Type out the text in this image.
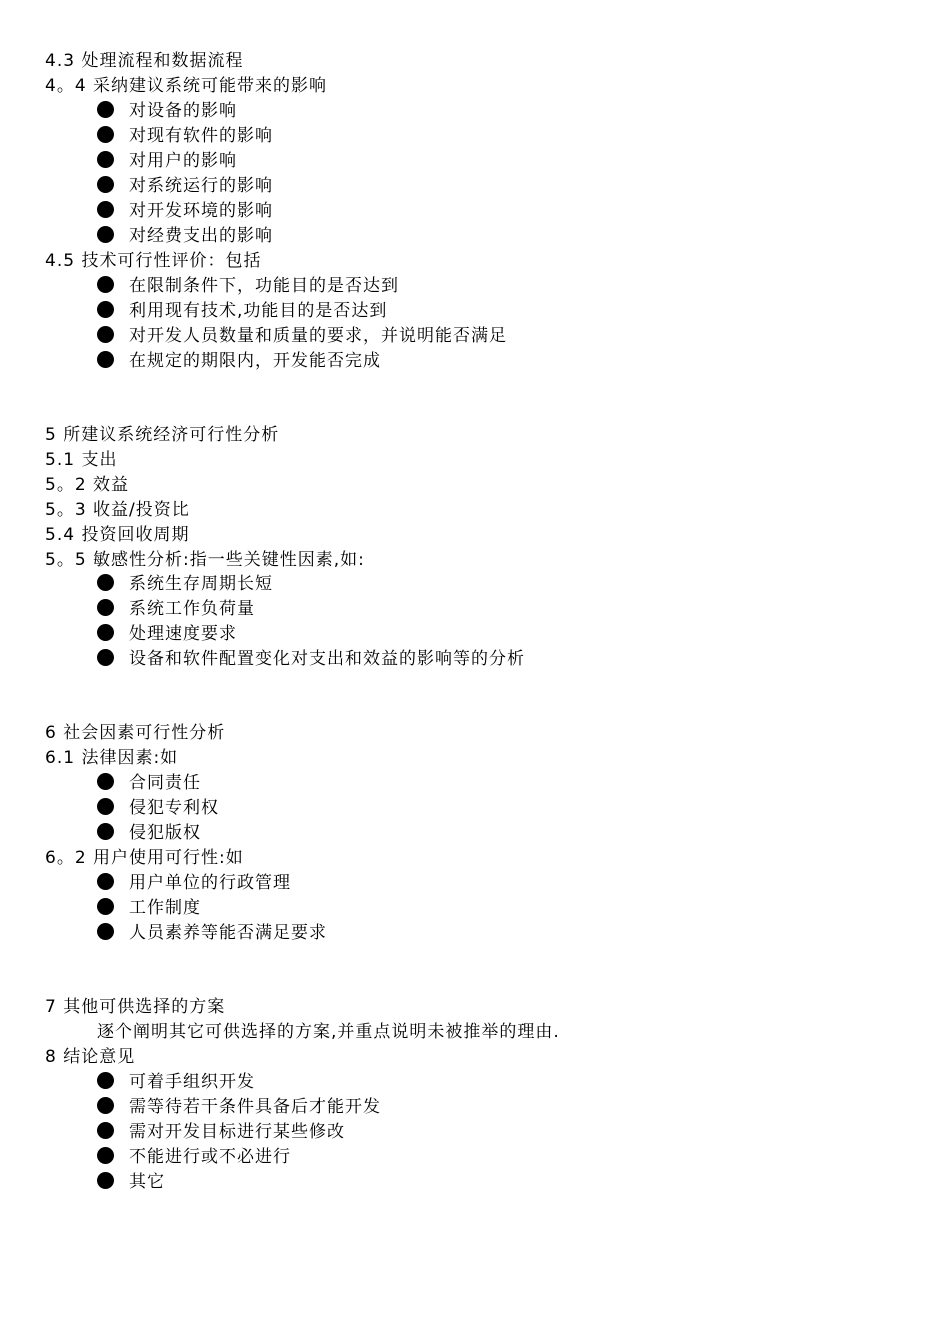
4.3 处理流程和数据流程
4。4 采纳建议系统可能带来的影响
对设备的影响
对现有软件的影响
对用户的影响
对系统运行的影响
对开发环境的影响
对经费支出的影响
4.5 技术可行性评价：包括
在限制条件下，功能目的是否达到
利用现有技术,功能目的是否达到
对开发人员数量和质量的要求，并说明能否满足
在规定的期限内，开发能否完成
5 所建议系统经济可行性分析
5.1 支出
5。2 效益
5。3 收益/投资比
5.4 投资回收周期
5。5 敏感性分析:指一些关键性因素,如:
系统生存周期长短
系统工作负荷量
处理速度要求
设备和软件配置变化对支出和效益的影响等的分析
6 社会因素可行性分析
6.1 法律因素:如
合同责任
侵犯专利权
侵犯版权
6。2 用户使用可行性:如
用户单位的行政管理
工作制度
人员素养等能否满足要求
7 其他可供选择的方案
逐个阐明其它可供选择的方案,并重点说明未被推举的理由.
8 结论意见
可着手组织开发
需等待若干条件具备后才能开发
需对开发目标进行某些修改
不能进行或不必进行
其它
